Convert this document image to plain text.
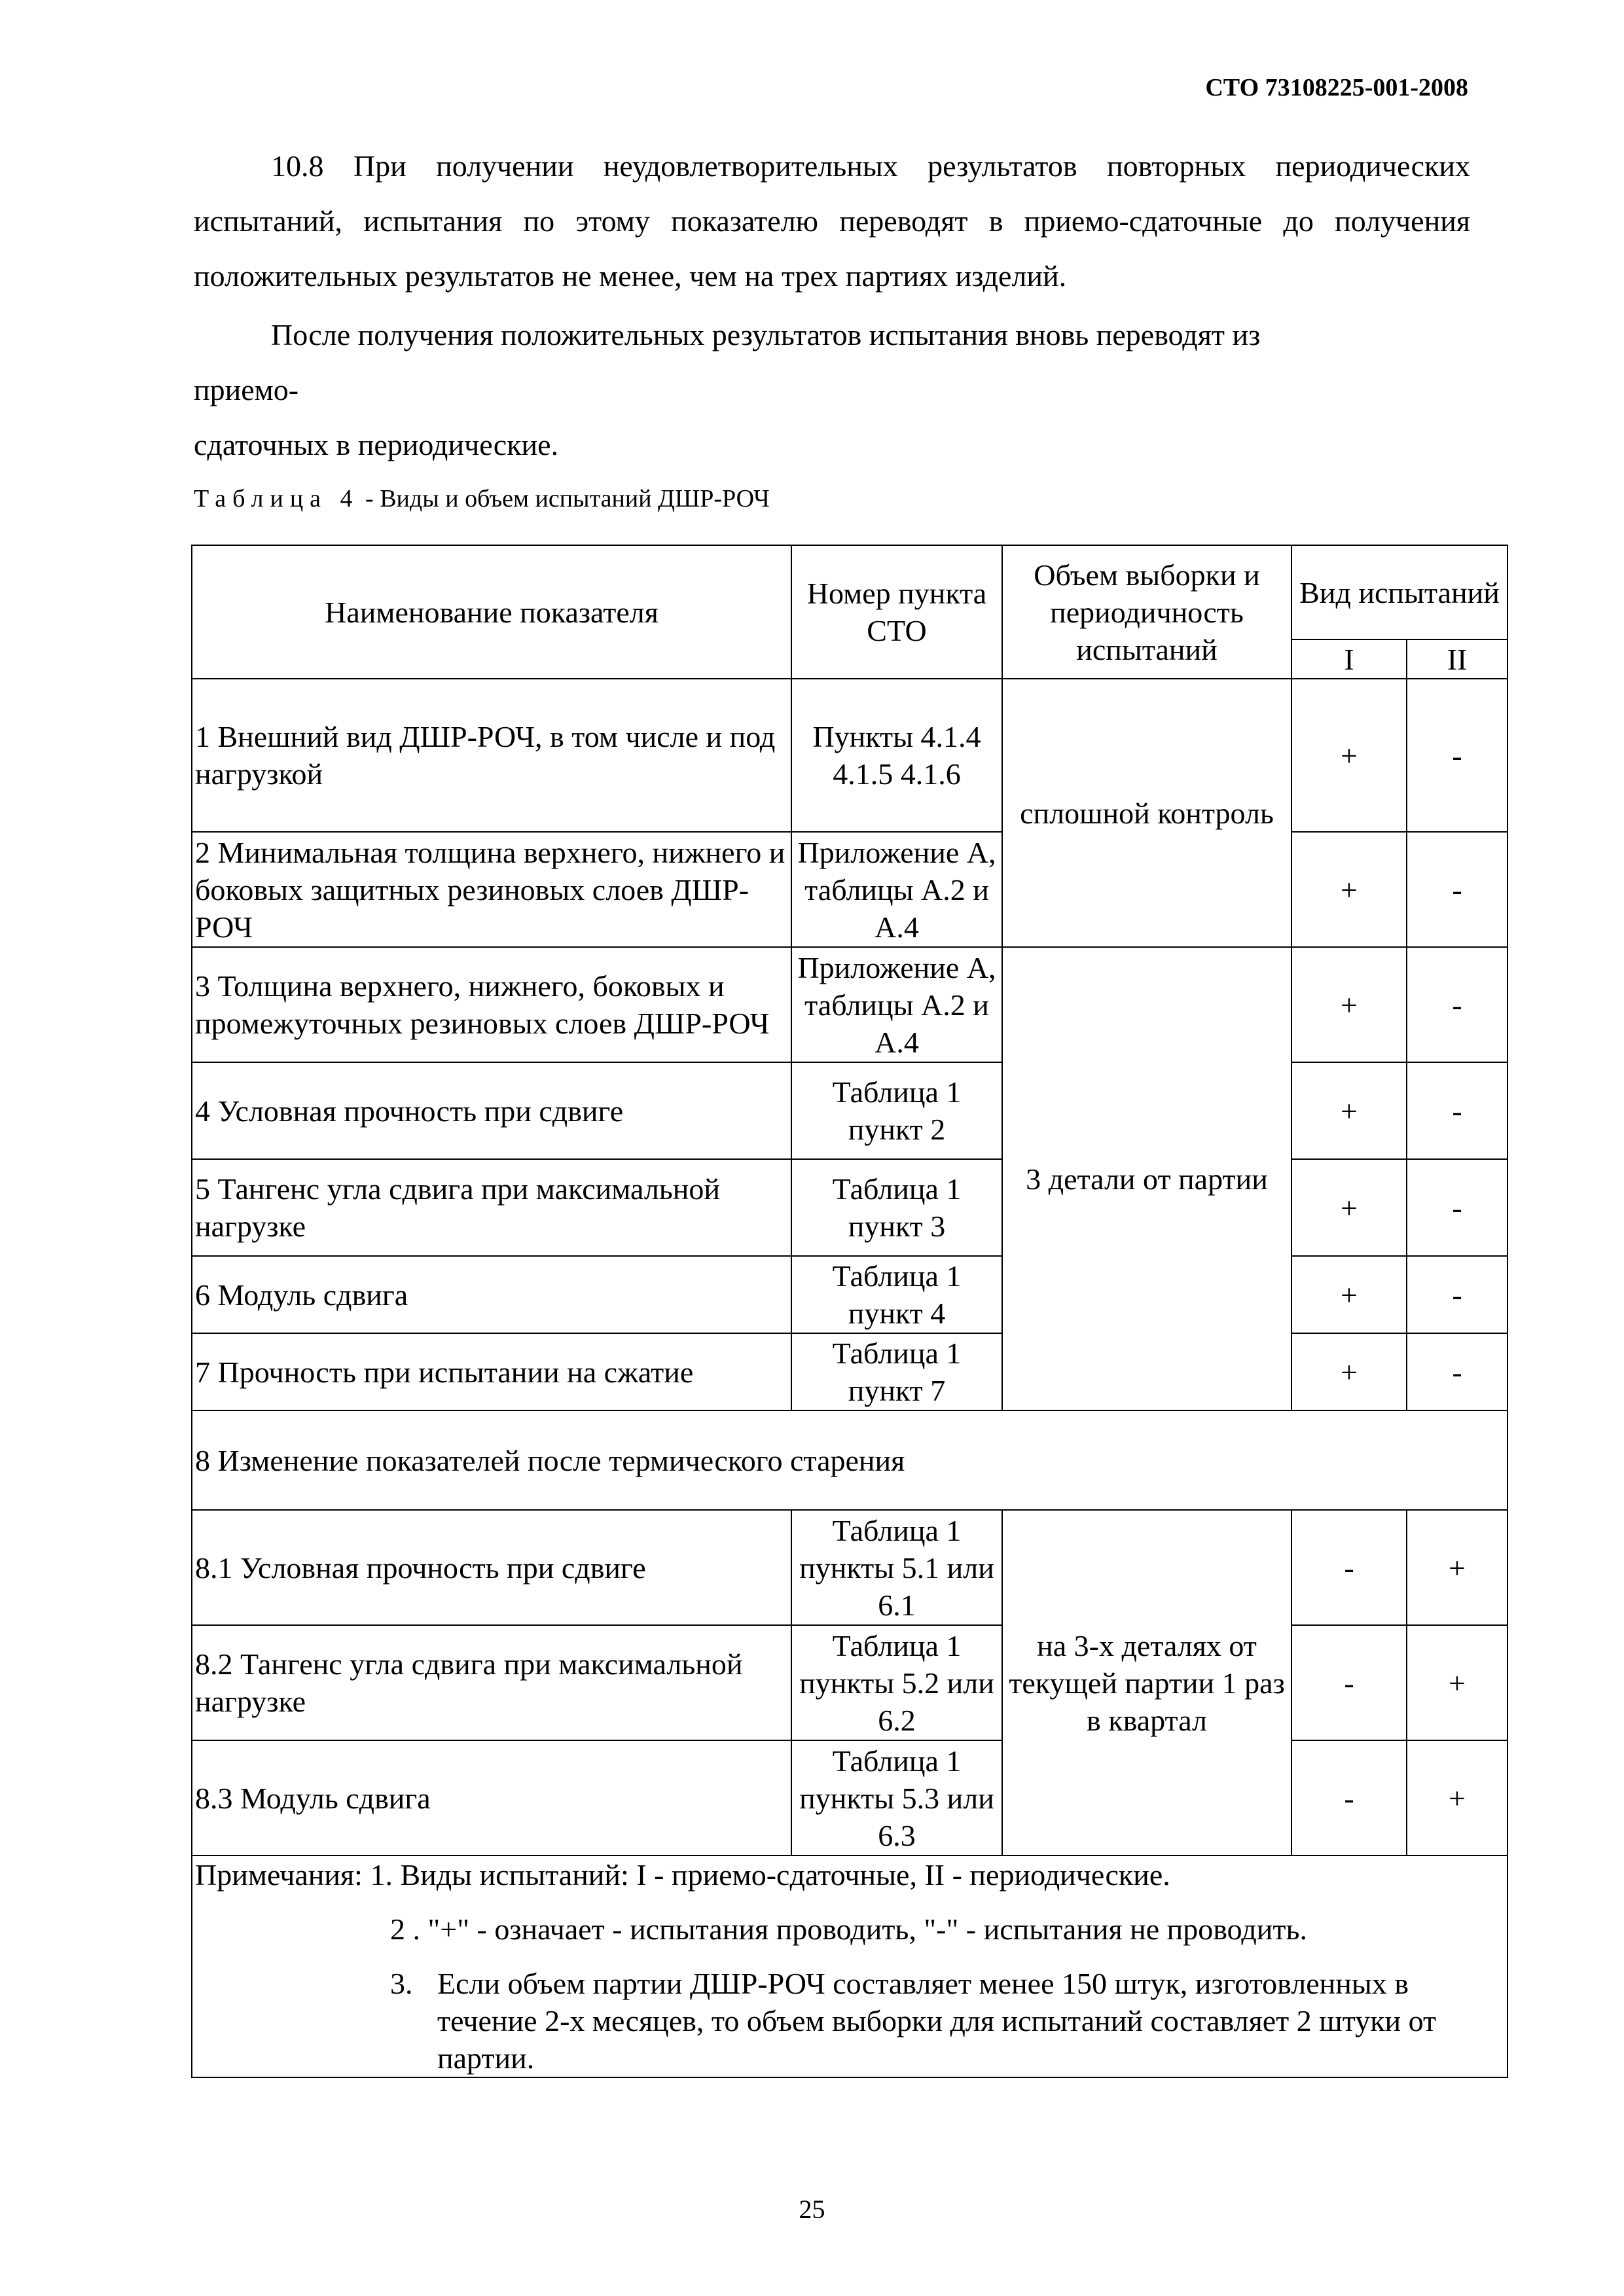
СТО 73108225-001-2008
10.8 При получении неудовлетворительных результатов повторных периодических испытаний, испытания по этому показателю переводят в приемо-сдаточные до получения положительных результатов не менее, чем на трех партиях изделий.
После получения положительных результатов испытания вновь переводят из
приемо-
сдаточных в периодические.
Таблица 4 - Виды и объем испытаний ДШР-РОЧ
Наименование показателя	Номер пункта СТО	Объем выборки и периодичность испытаний	Вид испытаний	
			I	II
1 Внешний вид ДШР-РОЧ, в том числе и под нагрузкой	Пункты 4.1.4 4.1.5 4.1.6	сплошной контроль	+	-
2 Минимальная толщина верхнего, нижнего и боковых защитных резиновых слоев ДШР-РОЧ	Приложение А, таблицы А.2 и А.4		+	-
3 Толщина верхнего, нижнего, боковых и промежуточных резиновых слоев ДШР-РОЧ	Приложение А, таблицы А.2 и А.4	3 детали от партии	+	-
4 Условная прочность при сдвиге	Таблица 1 пункт 2		+	-
5 Тангенс угла сдвига при максимальной нагрузке	Таблица 1 пункт 3		+	-
6 Модуль сдвига	Таблица 1 пункт 4		+	-
7 Прочность при испытании на сжатие	Таблица 1 пункт 7		+	-
8 Изменение показателей после термического старения				
8.1 Условная прочность при сдвиге	Таблица 1 пункты 5.1 или 6.1	на 3-х деталях от текущей партии 1 раз в квартал	-	+
8.2 Тангенс угла сдвига при максимальной нагрузке	Таблица 1 пункты 5.2 или 6.2		-	+
8.3 Модуль сдвига	Таблица 1 пункты 5.3 или 6.3		-	+

Примечания: 1. Виды испытаний: I - приемо-сдаточные, II - периодические.
2 . "+" - означает - испытания проводить, "-" - испытания не проводить.
3. Если объем партии ДШР-РОЧ составляет менее 150 штук, изготовленных в течение 2-х месяцев, то объем выборки для испытаний составляет 2 штуки от партии.				
25
